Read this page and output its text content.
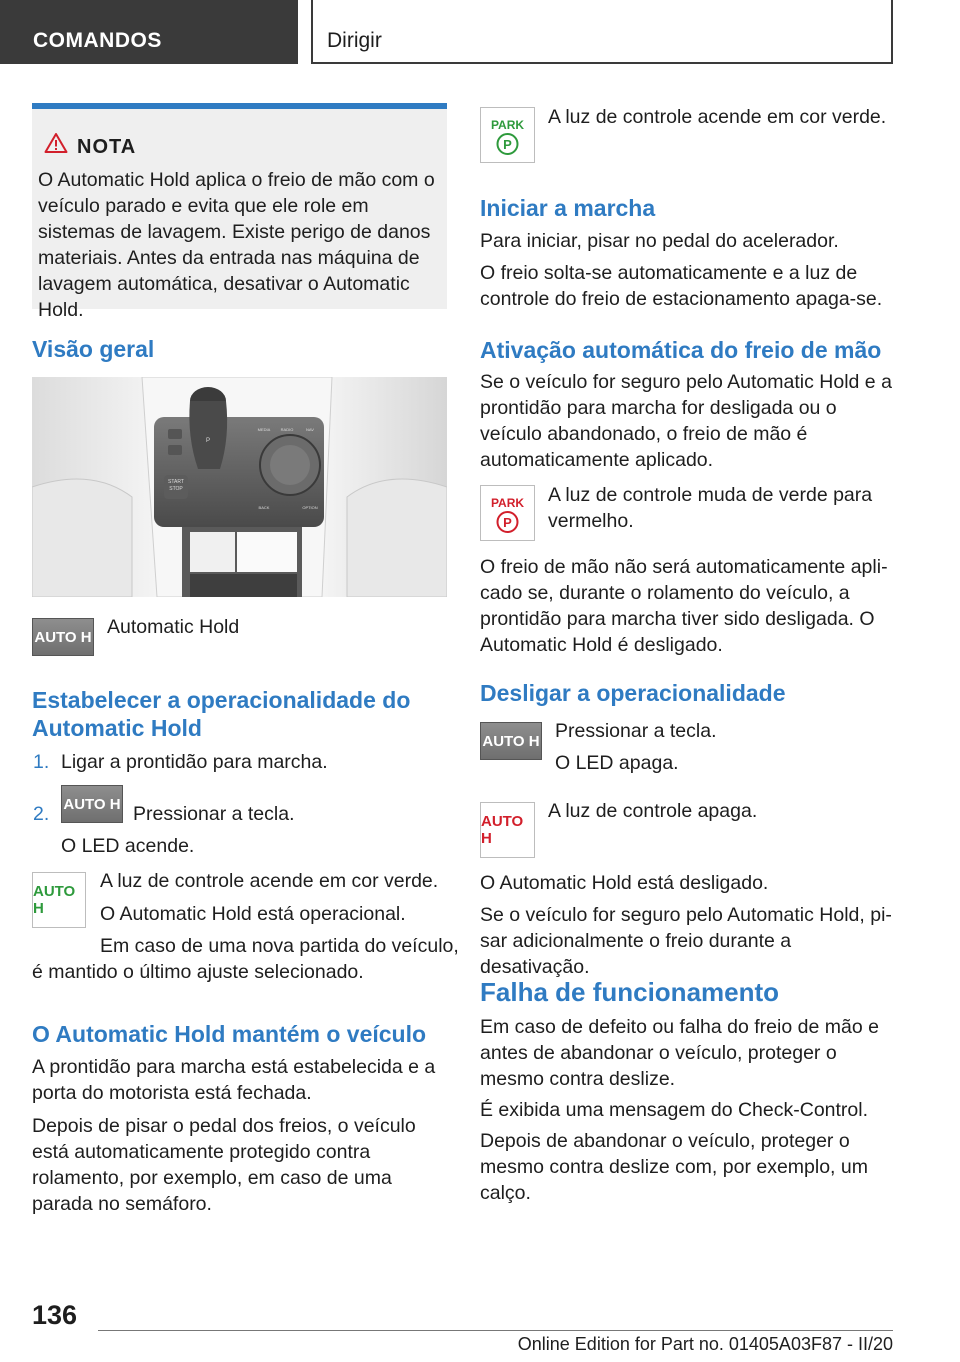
COMANDOS	Dirigir
NOTA

O Automatic Hold aplica o freio de mão com o veículo parado e evita que ele role em sistemas de lavagem. Existe perigo de danos materiais. Antes da entrada nas máquina de lavagem automática, desativar o Automatic Hold.

Visão geral
START
STOP
P
MEDIA	RADIO	NAV
BACK	OPTION
AUTO H Automatic Hold

Estabelecer a operacionalidade do Automatic Hold
1. Ligar a prontidão para marcha.

2. AUTO H Pressionar a tecla.

O LED acende.

AUTO H

A luz de controle acende em cor verde.

O Automatic Hold está operacional.

Em caso de uma nova partida do veículo,

é mantido o último ajuste selecionado.

O Automatic Hold mantém o veículo

A prontidão para marcha está estabelecida e a porta do motorista está fechada.

Depois de pisar o pedal dos freios, o veículo está automaticamente protegido contra rolamento, por exemplo, em caso de uma parada no semáforo.

PARK
P

A luz de controle acende em cor verde.

Iniciar a marcha

Para iniciar, pisar no pedal do acelerador.

O freio solta-se automaticamente e a luz de controle do freio de estacionamento apaga-se.

Ativação automática do freio de mão

Se o veículo for seguro pelo Automatic Hold e a prontidão para marcha for desligada ou o veículo abandonado, o freio de mão é automaticamente aplicado.

PARK
P

A luz de controle muda de verde para vermelho.

O freio de mão não será automaticamente aplicado se, durante o rolamento do veículo, a prontidão para marcha tiver sido desligada. O Automatic Hold é desligado.

Desligar a operacionalidade
AUTO H Pressionar a tecla.

O LED apaga.

AUTO H

A luz de controle apaga.

O Automatic Hold está desligado.

Se o veículo for seguro pelo Automatic Hold, pisar adicionalmente o freio durante a desativação.

Falha de funcionamento

Em caso de defeito ou falha do freio de mão e antes de abandonar o veículo, proteger o mesmo contra deslize.

É exibida uma mensagem do Check-Control.

Depois de abandonar o veículo, proteger o mesmo contra deslize com, por exemplo, um calço.

136
Online Edition for Part no. 01405A03F87 - II/20
